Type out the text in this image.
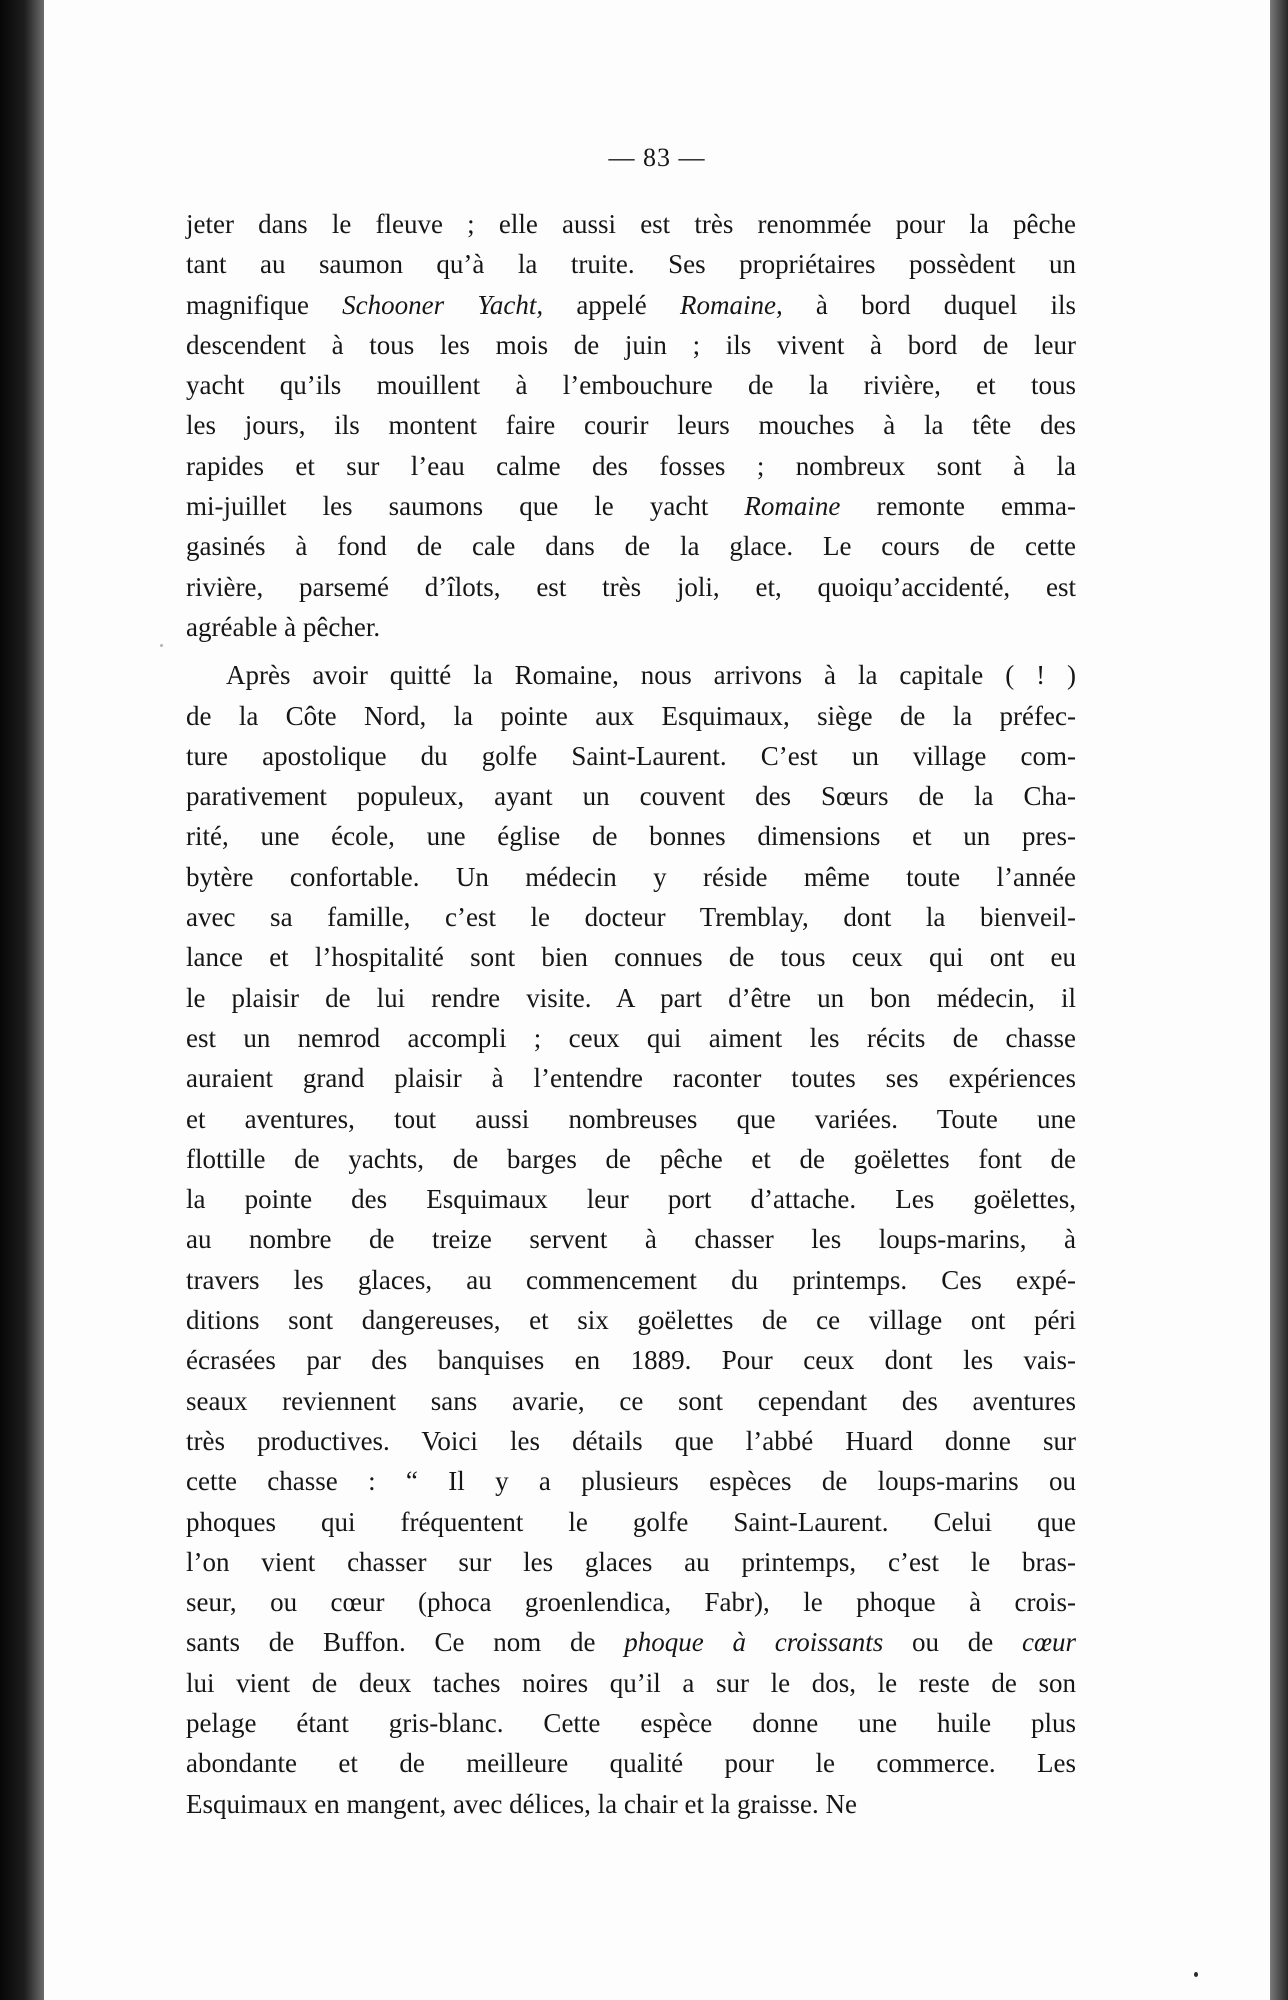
— 83 —
jeter dans le fleuve ; elle aussi est très renommée pour la pêche
tant au saumon qu’à la truite. Ses propriétaires possèdent un
magnifique Schooner Yacht, appelé Romaine, à bord duquel ils
descendent à tous les mois de juin ; ils vivent à bord de leur
yacht qu’ils mouillent à l’embouchure de la rivière, et tous
les jours, ils montent faire courir leurs mouches à la tête des
rapides et sur l’eau calme des fosses ; nombreux sont à la
mi-juillet les saumons que le yacht Romaine remonte emma-
gasinés à fond de cale dans de la glace. Le cours de cette
rivière, parsemé d’îlots, est très joli, et, quoiqu’accidenté, est
agréable à pêcher.
Après avoir quitté la Romaine, nous arrivons à la capitale ( ! )
de la Côte Nord, la pointe aux Esquimaux, siège de la préfec-
ture apostolique du golfe Saint-Laurent. C’est un village com-
parativement populeux, ayant un couvent des Sœurs de la Cha-
rité, une école, une église de bonnes dimensions et un pres-
bytère confortable. Un médecin y réside même toute l’année
avec sa famille, c’est le docteur Tremblay, dont la bienveil-
lance et l’hospitalité sont bien connues de tous ceux qui ont eu
le plaisir de lui rendre visite. A part d’être un bon médecin, il
est un nemrod accompli ; ceux qui aiment les récits de chasse
auraient grand plaisir à l’entendre raconter toutes ses expériences
et aventures, tout aussi nombreuses que variées. Toute une
flottille de yachts, de barges de pêche et de goëlettes font de
la pointe des Esquimaux leur port d’attache. Les goëlettes,
au nombre de treize servent à chasser les loups-marins, à
travers les glaces, au commencement du printemps. Ces expé-
ditions sont dangereuses, et six goëlettes de ce village ont péri
écrasées par des banquises en 1889. Pour ceux dont les vais-
seaux reviennent sans avarie, ce sont cependant des aventures
très productives. Voici les détails que l’abbé Huard donne sur
cette chasse : “ Il y a plusieurs espèces de loups-marins ou
phoques qui fréquentent le golfe Saint-Laurent. Celui que
l’on vient chasser sur les glaces au printemps, c’est le bras-
seur, ou cœur (phoca groenlendica, Fabr), le phoque à crois-
sants de Buffon. Ce nom de phoque à croissants ou de cœur
lui vient de deux taches noires qu’il a sur le dos, le reste de son
pelage étant gris-blanc. Cette espèce donne une huile plus
abondante et de meilleure qualité pour le commerce. Les
Esquimaux en mangent, avec délices, la chair et la graisse. Ne
